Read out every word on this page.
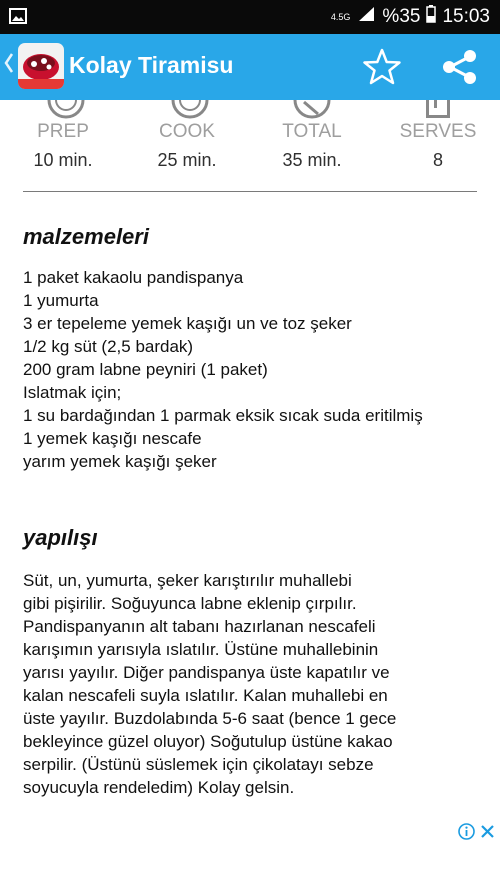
4.5G %35 15:03
Kolay Tiramisu
PREP
10 min.
COOK
25 min.
TOTAL
35 min.
SERVES
8
malzemeleri
1 paket kakaolu pandispanya
1 yumurta
3 er tepeleme yemek kaşığı un ve toz şeker
1/2 kg süt (2,5 bardak)
200 gram labne peyniri (1 paket)
Islatmak için;
1 su bardağından 1 parmak eksik sıcak suda eritilmiş
1 yemek kaşığı nescafe
yarım yemek kaşığı şeker
yapılışı
Süt, un, yumurta, şeker karıştırılır muhallebi
gibi pişirilir. Soğuyunca labne eklenip çırpılır.
Pandispanyanın alt tabanı hazırlanan nescafeli
karışımın yarısıyla ıslatılır. Üstüne muhallebinin
yarısı yayılır. Diğer pandispanya üste kapatılır ve
kalan nescafeli suyla ıslatılır. Kalan muhallebi en
üste yayılır. Buzdolabında 5-6 saat (bence 1 gece
bekleyince güzel oluyor) Soğutulup üstüne kakao
serpilir. (Üstünü süslemek için çikolatayı sebze
soyucuyla rendeledim) Kolay gelsin.
